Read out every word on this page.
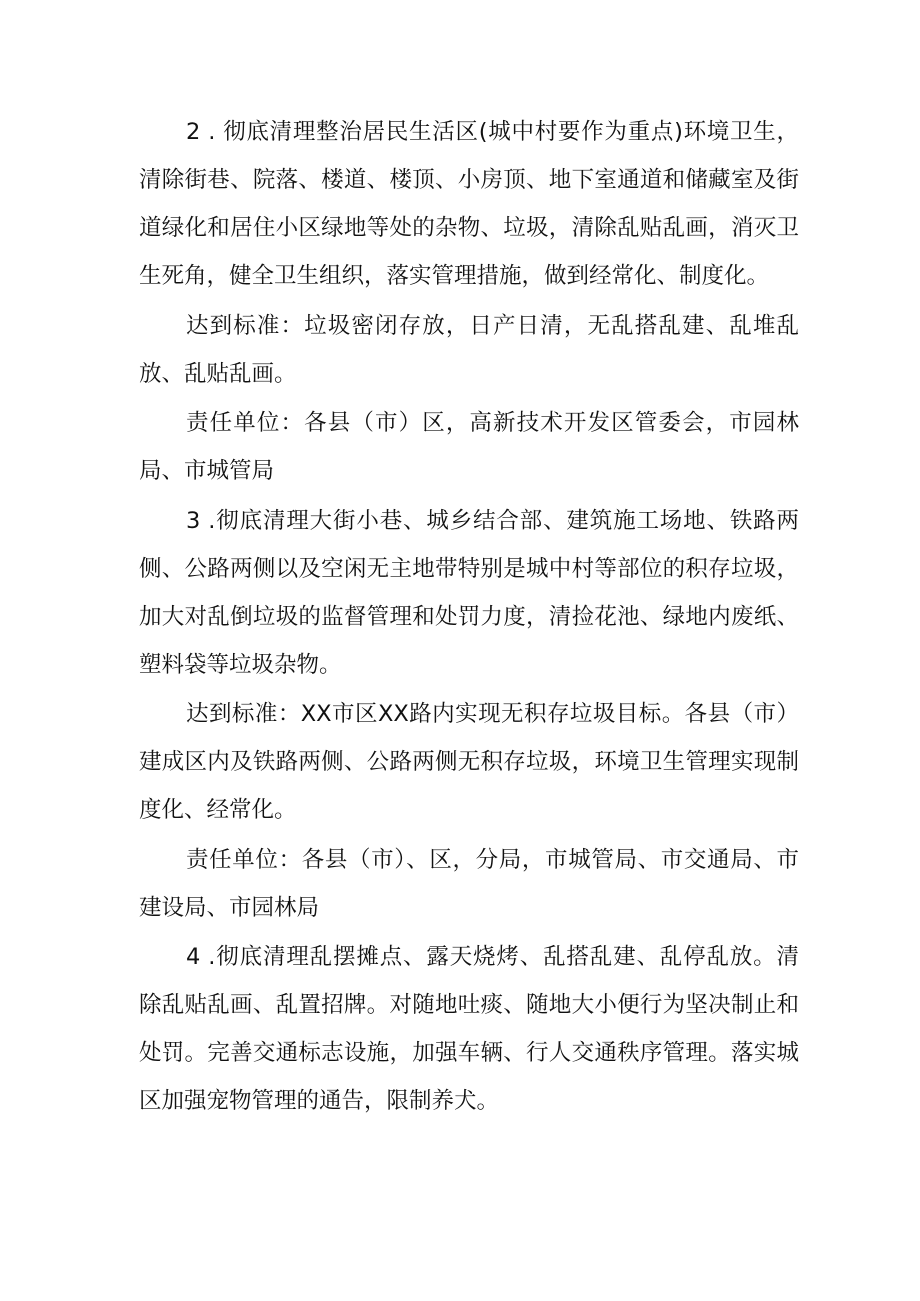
2 . 彻底清理整治居民生活区(城中村要作为重点)环境卫生，清除街巷、院落、楼道、楼顶、小房顶、地下室通道和储藏室及街道绿化和居住小区绿地等处的杂物、垃圾，清除乱贴乱画，消灭卫生死角，健全卫生组织，落实管理措施，做到经常化、制度化。

达到标准：垃圾密闭存放，日产日清，无乱搭乱建、乱堆乱放、乱贴乱画。

责任单位：各县（市）区，高新技术开发区管委会，市园林局、市城管局

3 .彻底清理大街小巷、城乡结合部、建筑施工场地、铁路两侧、公路两侧以及空闲无主地带特别是城中村等部位的积存垃圾，加大对乱倒垃圾的监督管理和处罚力度，清捡花池、绿地内废纸、塑料袋等垃圾杂物。

达到标准：XX市区XX路内实现无积存垃圾目标。各县（市）建成区内及铁路两侧、公路两侧无积存垃圾，环境卫生管理实现制度化、经常化。

责任单位：各县（市）、区，分局，市城管局、市交通局、市建设局、市园林局

4 .彻底清理乱摆摊点、露天烧烤、乱搭乱建、乱停乱放。清除乱贴乱画、乱置招牌。对随地吐痰、随地大小便行为坚决制止和处罚。完善交通标志设施，加强车辆、行人交通秩序管理。落实城区加强宠物管理的通告，限制养犬。
